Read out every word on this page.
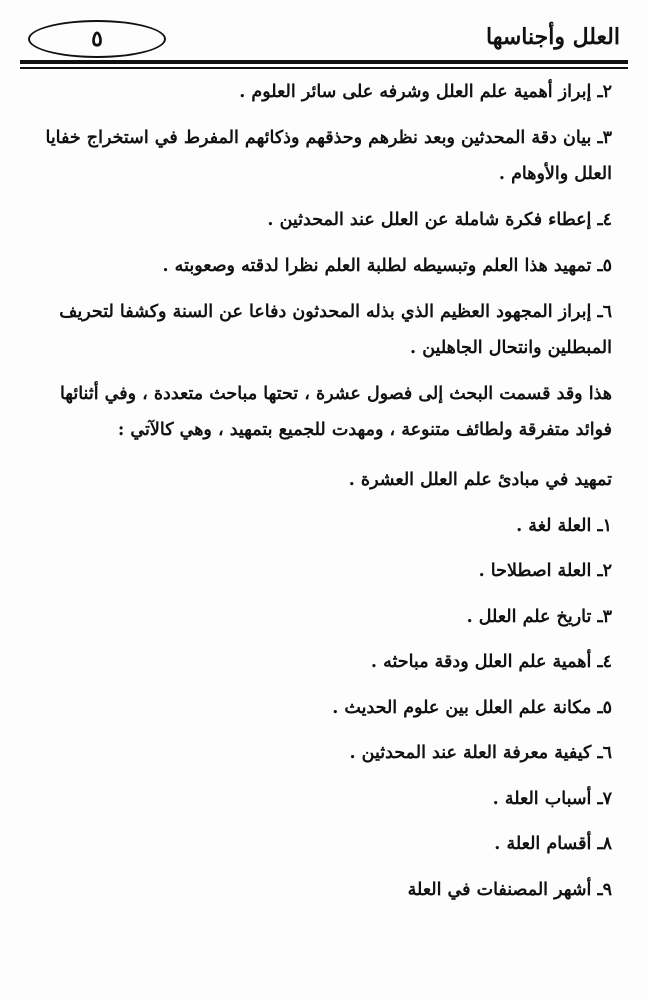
٥	العلل وأجناسها

٢ـ إبراز أهمية علم العلل وشرفه على سائر العلوم .

٣ـ بيان دقة المحدثين وبعد نظرهم وحذقهم وذكائهم المفرط في استخراج خفايا العلل والأوهام .

٤ـ إعطاء فكرة شاملة عن العلل عند المحدثين .

٥ـ تمهيد هذا العلم وتبسيطه لطلبة العلم نظرا لدقته وصعوبته .

٦ـ إبراز المجهود العظيم الذي بذله المحدثون دفاعا عن السنة وكشفا لتحريف المبطلين وانتحال الجاهلين .

هذا وقد قسمت البحث إلى فصول عشرة ، تحتها مباحث متعددة ، وفي أثنائها فوائد متفرقة ولطائف متنوعة ، ومهدت للجميع بتمهيد ، وهي كالآتي :

تمهيد في مبادئ علم العلل العشرة .

١ـ العلة لغة .

٢ـ العلة اصطلاحا .

٣ـ تاريخ علم العلل .

٤ـ أهمية علم العلل ودقة مباحثه .

٥ـ مكانة علم العلل بين علوم الحديث .

٦ـ كيفية معرفة العلة عند المحدثين .

٧ـ أسباب العلة .

٨ـ أقسام العلة .

٩ـ أشهر المصنفات في العلة
